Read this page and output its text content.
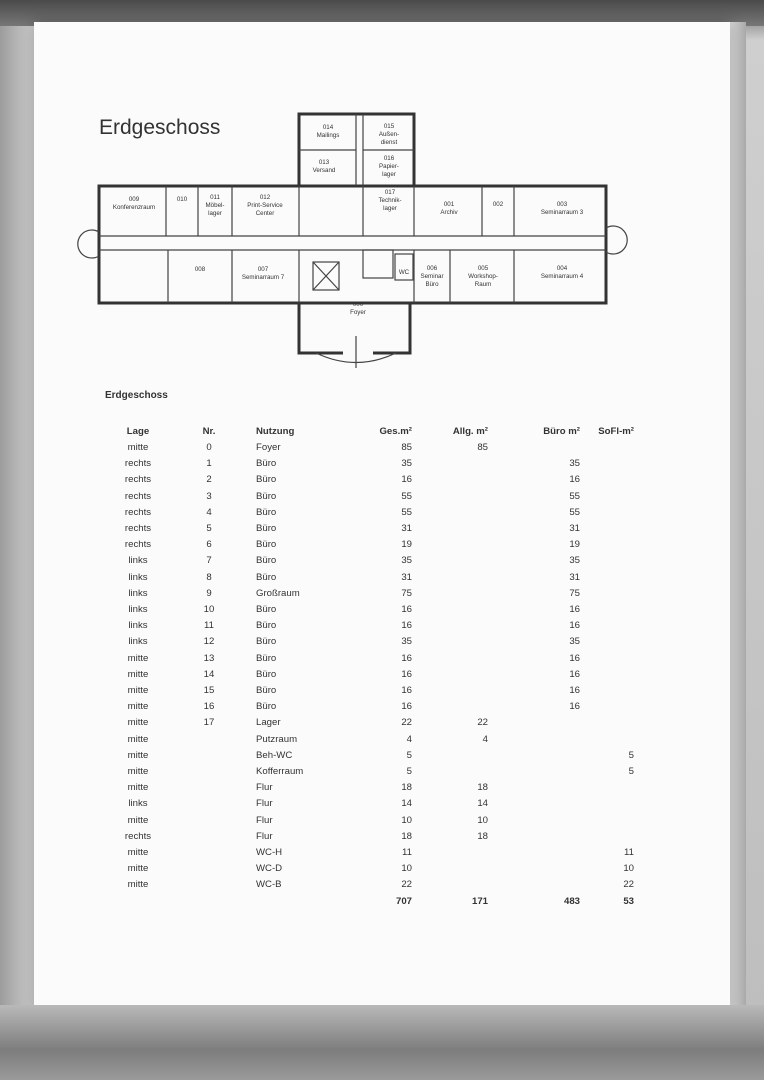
Erdgeschoss	014 Mailings
015 Außen-dienst
013 Versand
016 Papier-lager
009 Konferenzraum
010	011 Möbel-lager
012 Print-Service Center
017 Technik-lager
001 Archiv
002	003 Seminarraum 3
008	007 Seminarraum 7
WC
006 Seminar Büro
005 Workshop-Raum
004 Seminarraum 4
000 Foyer
Erdgeschoss
Lage	Nr.	Nutzung	Ges.m²	Allg. m²	Büro m²	SoFl-m²
mitte	0	Foyer	85	85		
rechts	1	Büro	35		35	
rechts	2	Büro	16		16	
rechts	3	Büro	55		55	
rechts	4	Büro	55		55	
rechts	5	Büro	31		31	
rechts	6	Büro	19		19	
links	7	Büro	35		35	
links	8	Büro	31		31	
links	9	Großraum	75		75	
links	10	Büro	16		16	
links	11	Büro	16		16	
links	12	Büro	35		35	
mitte	13	Büro	16		16	
mitte	14	Büro	16		16	
mitte	15	Büro	16		16	
mitte	16	Büro	16		16	
mitte	17	Lager	22	22		
mitte		Putzraum	4	4		
mitte		Beh-WC	5			5
mitte		Kofferraum	5			5
mitte		Flur	18	18		
links		Flur	14	14		
mitte		Flur	10	10		
rechts		Flur	18	18		
mitte		WC-H	11			11
mitte		WC-D	10			10
mitte		WC-B	22			22
			707	171	483	53
